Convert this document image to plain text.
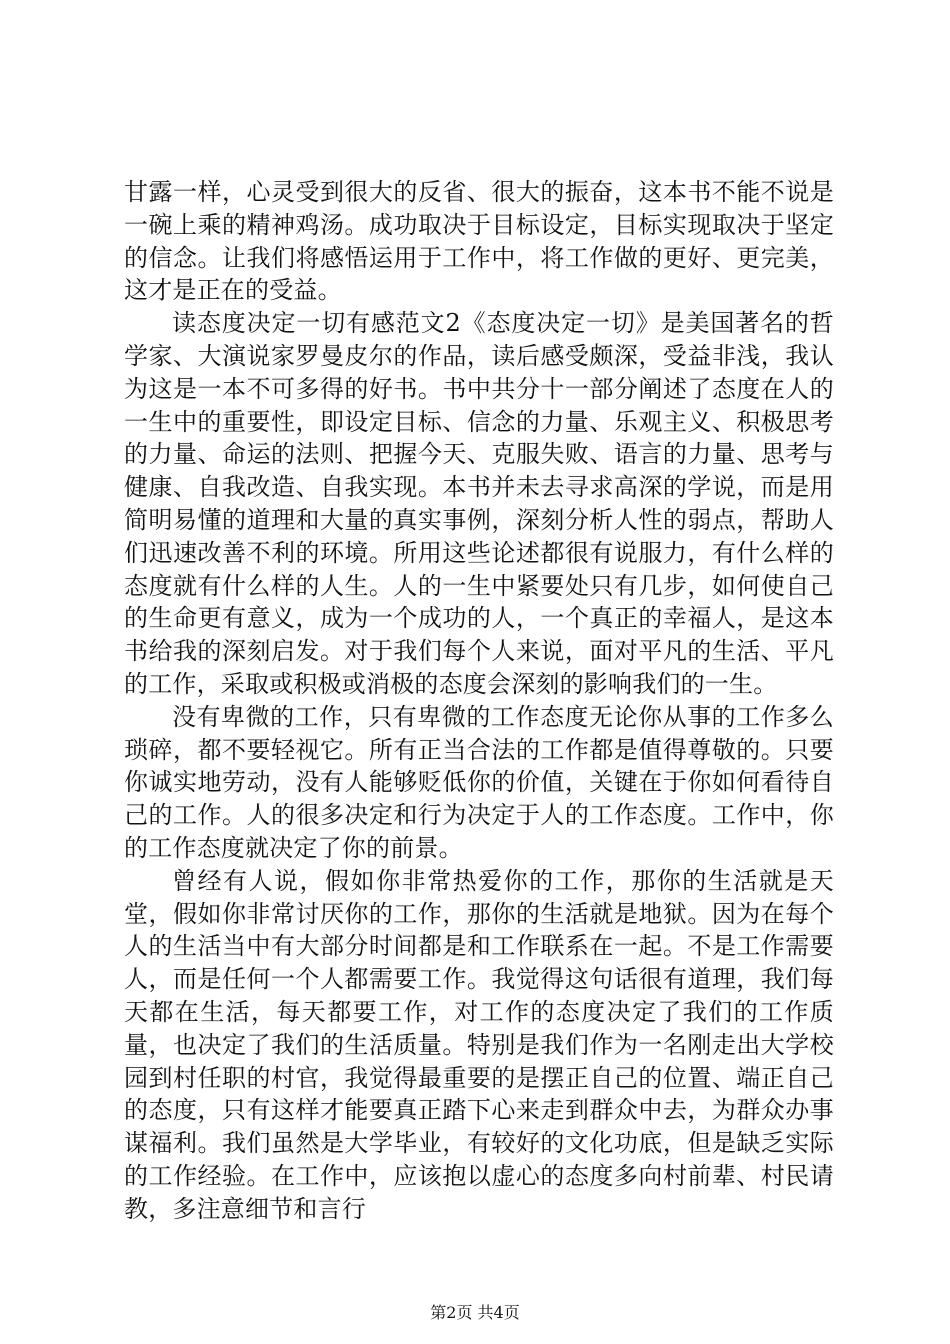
甘露一样，心灵受到很大的反省、很大的振奋，这本书不能不说是一碗上乘的精神鸡汤。成功取决于目标设定，目标实现取决于坚定的信念。让我们将感悟运用于工作中，将工作做的更好、更完美，这才是正在的受益。

读态度决定一切有感范文2《态度决定一切》是美国著名的哲学家、大演说家罗曼皮尔的作品，读后感受颇深，受益非浅，我认为这是一本不可多得的好书。书中共分十一部分阐述了态度在人的一生中的重要性，即设定目标、信念的力量、乐观主义、积极思考的力量、命运的法则、把握今天、克服失败、语言的力量、思考与健康、自我改造、自我实现。本书并未去寻求高深的学说，而是用简明易懂的道理和大量的真实事例，深刻分析人性的弱点，帮助人们迅速改善不利的环境。所用这些论述都很有说服力，有什么样的态度就有什么样的人生。人的一生中紧要处只有几步，如何使自己的生命更有意义，成为一个成功的人，一个真正的幸福人，是这本书给我的深刻启发。对于我们每个人来说，面对平凡的生活、平凡的工作，采取或积极或消极的态度会深刻的影响我们的一生。

没有卑微的工作，只有卑微的工作态度无论你从事的工作多么琐碎，都不要轻视它。所有正当合法的工作都是值得尊敬的。只要你诚实地劳动，没有人能够贬低你的价值，关键在于你如何看待自己的工作。人的很多决定和行为决定于人的工作态度。工作中，你的工作态度就决定了你的前景。

曾经有人说，假如你非常热爱你的工作，那你的生活就是天堂，假如你非常讨厌你的工作，那你的生活就是地狱。因为在每个人的生活当中有大部分时间都是和工作联系在一起。不是工作需要人，而是任何一个人都需要工作。我觉得这句话很有道理，我们每天都在生活，每天都要工作，对工作的态度决定了我们的工作质量，也决定了我们的生活质量。特别是我们作为一名刚走出大学校园到村任职的村官，我觉得最重要的是摆正自己的位置、端正自己的态度，只有这样才能要真正踏下心来走到群众中去，为群众办事谋福利。我们虽然是大学毕业，有较好的文化功底，但是缺乏实际的工作经验。在工作中，应该抱以虚心的态度多向村前辈、村民请教，多注意细节和言行

第2页 共4页
